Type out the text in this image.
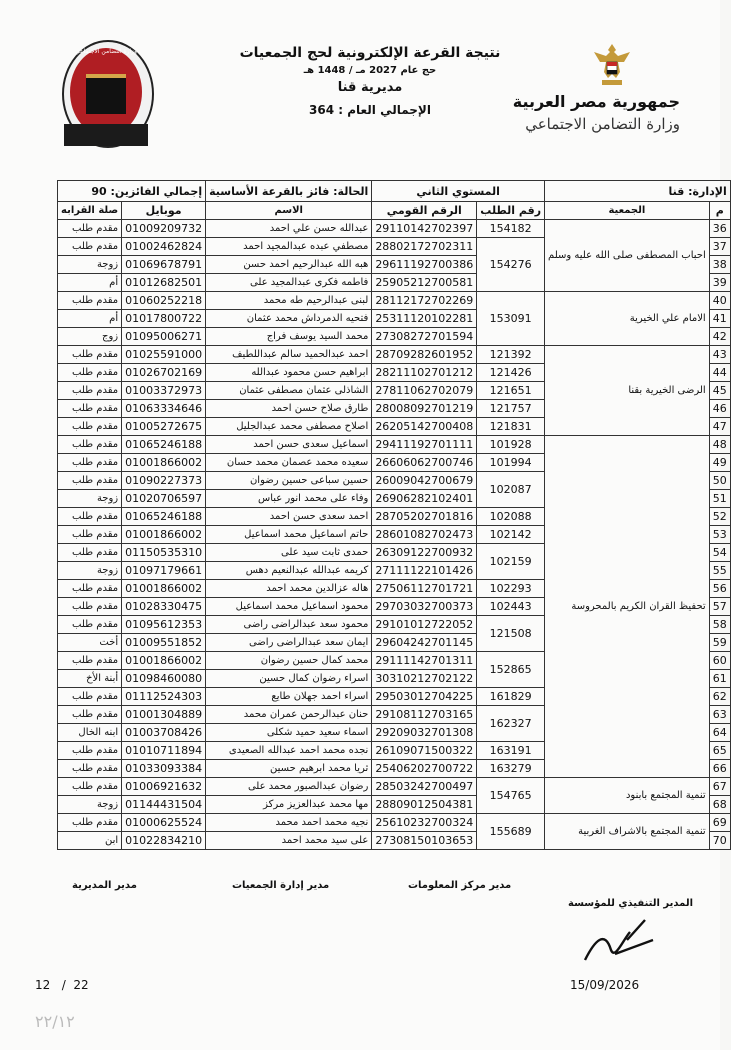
وزارة التضامن الاجتماعي	نتيجة القرعة الإلكترونية لحج الجمعيات
حج عام 2027 مـ / 1448 هـ
مديرية قنا
الإجمالي العام : 364	جمهورية مصر العربية
وزارة التضامن الاجتماعي
الإدارة: قنا		المستوي الثاني		الحالة: فائز بالقرعة الأساسية	إجمالي الفائزين: 90	
م	الجمعية	رقم الطلب	الرقم القومي	الاسم	موبايل	صلة القرابه
36	احباب المصطفى صلى الله عليه وسلم	154182	29110142702397	عبدالله حسن علي احمد	01009209732	مقدم طلب
37		154276	28802172702311	مصطفي عبده عبدالمجيد احمد	01002462824	مقدم طلب
38			29611192700386	هبه الله عبدالرحيم احمد حسن	01069678791	زوجة
39			25905212700581	فاطمه فكرى عبدالمجيد على	01012682501	أم
40	الامام علي الخيرية	153091	28112172702269	لبنى عبدالرحيم طه محمد	01060252218	مقدم طلب
41			25311120102281	فتحيه الدمرداش محمد عثمان	01017800722	أم
42			27308272701594	محمد السيد يوسف فراج	01095006271	زوج
43	الرضى الخيرية بقنا	121392	28709282601952	احمد عبدالحميد سالم عبداللطيف	01025591000	مقدم طلب
44		121426	28211102701212	ابراهيم حسن محمود عبدالله	01026702169	مقدم طلب
45		121651	27811062702079	الشاذلى عثمان مصطفى عثمان	01003372973	مقدم طلب
46		121757	28008092701219	طارق صلاح حسن احمد	01063334646	مقدم طلب
47		121831	26205142700408	اصلاح مصطفى محمد عبدالجليل	01005272675	مقدم طلب
48	تحفيظ القران الكريم بالمحروسة	101928	29411192701111	اسماعيل سعدى حسن احمد	01065246188	مقدم طلب
49		101994	26606062700746	سعيده محمد عصمان محمد حسان	01001866002	مقدم طلب
50		102087	26009042700679	حسين سباعى حسين رضوان	01090227373	مقدم طلب
51			26906282102401	وفاء على محمد انور عباس	01020706597	زوجة
52		102088	28705202701816	احمد سعدى حسن احمد	01065246188	مقدم طلب
53		102142	28601082702473	حاتم اسماعيل محمد اسماعيل	01001866002	مقدم طلب
54		102159	26309122700932	حمدى ثابت سيد على	01150535310	مقدم طلب
55			27111122101426	كريمه عبدالله عبدالنعيم دهس	01097179661	زوجة
56		102293	27506112701721	هاله عزالدين محمد احمد	01001866002	مقدم طلب
57		102443	29703032700373	محمود اسماعيل محمد اسماعيل	01028330475	مقدم طلب
58		121508	29101012722052	محمود سعد عبدالراضى راضى	01095612353	مقدم طلب
59			29604242701145	ايمان سعد عبدالراضى راضى	01009551852	أخت
60		152865	29111142701311	محمد كمال حسين رضوان	01001866002	مقدم طلب
61			30310212702122	اسراء رضوان كمال حسين	01098460080	أبنة الأخ
62		161829	29503012704225	اسراء احمد جهلان طايع	01112524303	مقدم طلب
63		162327	29108112703165	حنان عبدالرحمن عمران محمد	01001304889	مقدم طلب
64			29209032701308	اسماء سعيد حميد شكلى	01003708426	ابنه الخال
65		163191	26109071500322	نجده محمد احمد عبدالله الصعيدى	01010711894	مقدم طلب
66		163279	25406202700722	ثريا محمد ابرهيم حسين	01033093384	مقدم طلب
67	تنمية المجتمع بابنود	154765	28503242700497	رضوان عبدالصبور محمد على	01006921632	مقدم طلب
68			28809012504381	مها محمد عبدالعزيز مركز	01144431504	زوجة
69	تنمية المجتمع بالاشراف الغربية	155689	25610232700324	نجيه محمد احمد محمد	01000625524	مقدم طلب
70			27308150103653	على سيد محمد احمد	01022834210	ابن
مدير المديرية	مدير إدارة الجمعيات	مدير مركز المعلومات
المدير التنفيذي للمؤسسة
12 / 22	15/09/2026
٢٢/١٢
